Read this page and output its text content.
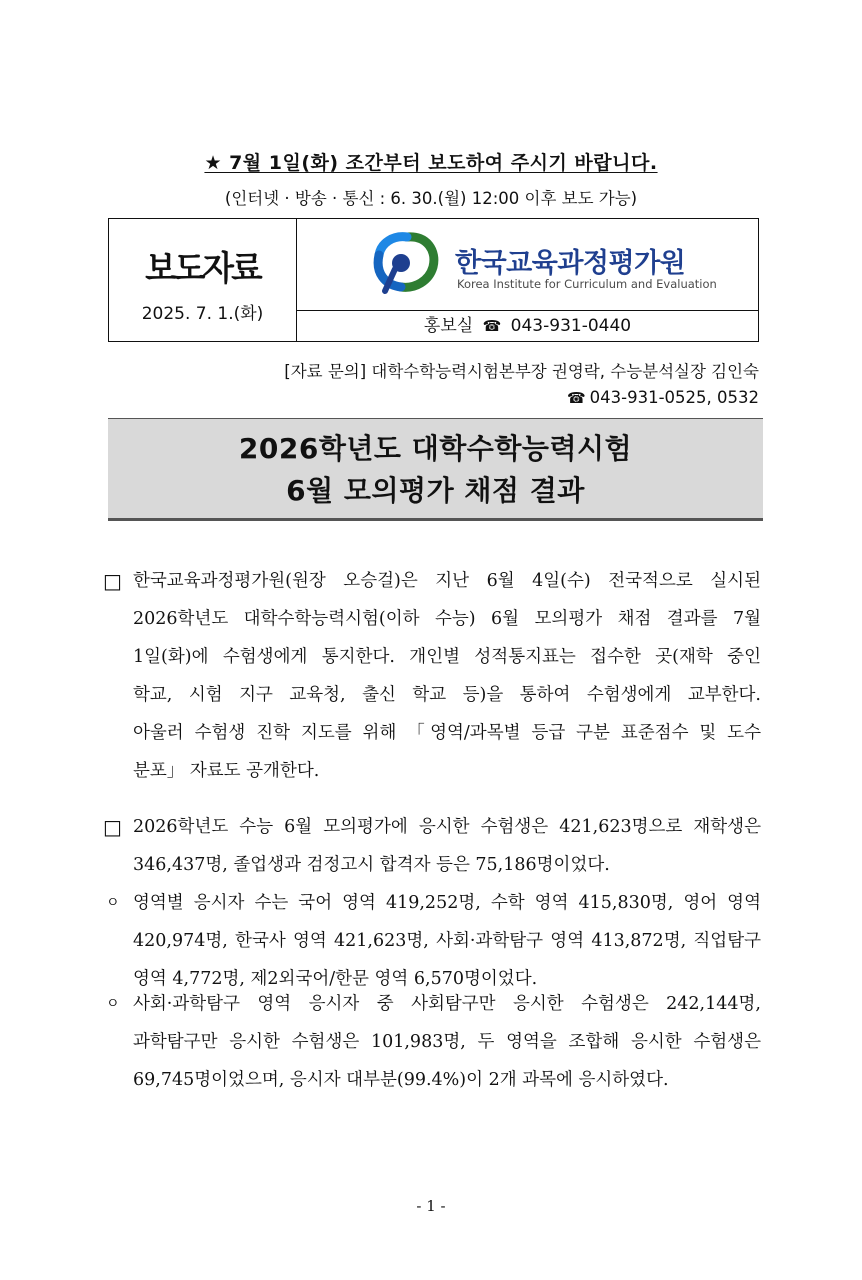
★ 7월 1일(화) 조간부터 보도하여 주시기 바랍니다.
(인터넷 · 방송 · 통신 : 6. 30.(월) 12:00 이후 보도 가능)
보도자료
2025. 7. 1.(화)
한국교육과정평가원
Korea Institute for Curriculum and Evaluation
홍보실 ☎ 043-931-0440
[자료 문의] 대학수학능력시험본부장 권영락, 수능분석실장 김인숙
☎ 043-931-0525, 0532
2026학년도 대학수학능력시험
6월 모의평가 채점 결과
□ 한국교육과정평가원(원장 오승걸)은 지난 6월 4일(수) 전국적으로 실시된
2026학년도 대학수학능력시험(이하 수능) 6월 모의평가 채점 결과를 7월
1일(화)에 수험생에게 통지한다. 개인별 성적통지표는 접수한 곳(재학 중인
학교, 시험 지구 교육청, 출신 학교 등)을 통하여 수험생에게 교부한다.
아울러 수험생 진학 지도를 위해 「영역/과목별 등급 구분 표준점수 및 도수
분포」 자료도 공개한다.
□ 2026학년도 수능 6월 모의평가에 응시한 수험생은 421,623명으로 재학생은
346,437명, 졸업생과 검정고시 합격자 등은 75,186명이었다.
ㅇ 영역별 응시자 수는 국어 영역 419,252명, 수학 영역 415,830명, 영어 영역
420,974명, 한국사 영역 421,623명, 사회·과학탐구 영역 413,872명, 직업탐구
영역 4,772명, 제2외국어/한문 영역 6,570명이었다.
ㅇ 사회·과학탐구 영역 응시자 중 사회탐구만 응시한 수험생은 242,144명,
과학탐구만 응시한 수험생은 101,983명, 두 영역을 조합해 응시한 수험생은
69,745명이었으며, 응시자 대부분(99.4%)이 2개 과목에 응시하였다.
- 1 -
